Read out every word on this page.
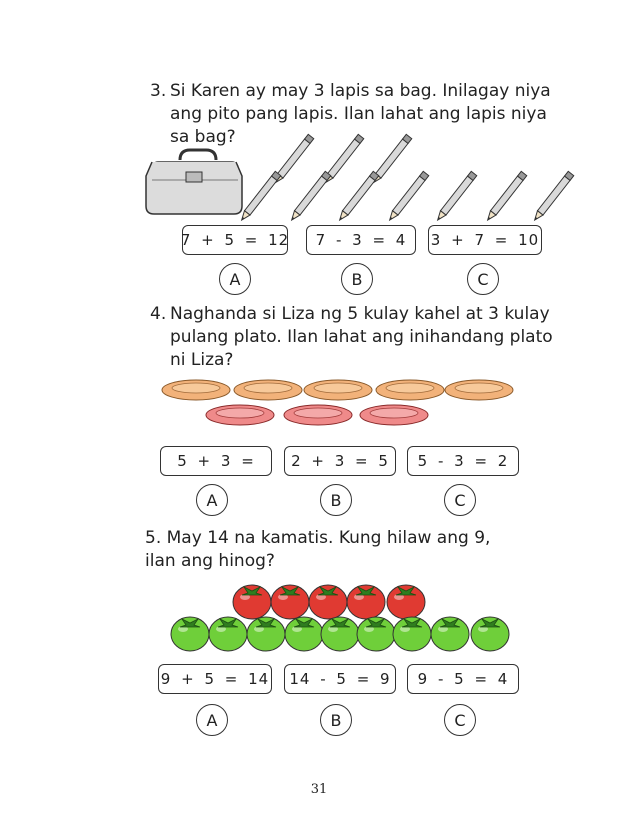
3. Si Karen ay may 3 lapis sa bag. Inilagay niya
ang pito pang lapis. Ilan lahat ang lapis niya
sa bag?
7 + 5 = 12 7 - 3 = 4 3 + 7 = 10
A	B	C
4. Naghanda si Liza ng 5 kulay kahel at 3 kulay
pulang plato. Ilan lahat ang inihandang plato
ni Liza?
5 + 3 = 2 + 3 = 5 5 - 3 = 2
A	B	C
5. May 14 na kamatis. Kung hilaw ang 9,
ilan ang hinog?
9 + 5 = 14 14 - 5 = 9 9 - 5 = 4
A	B	C
31
